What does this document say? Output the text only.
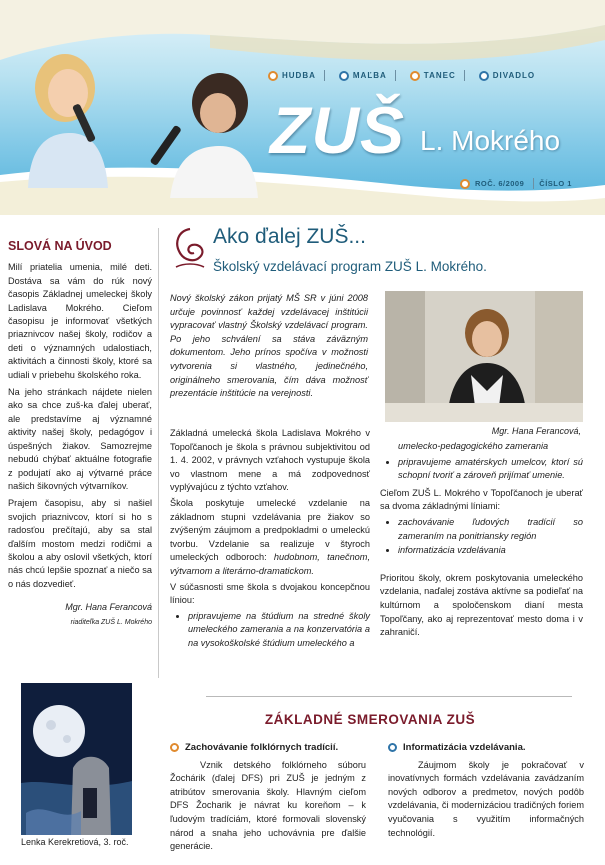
HUDBA	MAĽBA	TANEC	DIVADLO
ZUŠ L. Mokrého
ROČ. 6/2009 ČÍSLO 1
SLOVÁ NA ÚVOD

Milí priatelia umenia, milé deti. Dostáva sa vám do rúk nový časopis Základnej umeleckej školy Ladislava Mokrého. Cieľom časopisu je informovať všetkých priaznivcov našej školy, rodičov a deti o významných udalostiach, aktivitách a činnosti školy, ktoré sa udiali v priebehu školského roka.

Na jeho stránkach nájdete nielen ako sa chce zuš-ka ďalej uberať, ale predstavíme aj významné aktivity našej školy, pedagógov i úspešných žiakov. Samozrejme nebudú chýbať aktuálne fotografie z podujatí ako aj výtvarné práce našich šikovných výtvarníkov.

Prajem časopisu, aby si našiel svojich priaznivcov, ktorí si ho s radosťou prečítajú, aby sa stal ďalším mostom medzi rodičmi a školou a aby oslovil všetkých, ktorí nás chcú lepšie spoznať a niečo sa o nás dozvedieť.

Mgr. Hana Ferancová
riaditeľka ZUŠ L. Mokrého
Lenka Kerekretiová, 3. roč.
Ako ďalej ZUŠ...
Školský vzdelávací program ZUŠ L. Mokrého.
Nový školský zákon prijatý MŠ SR v júni 2008 určuje povinnosť každej vzdelávacej inštitúcii vypracovať vlastný Školský vzdelávací program. Po jeho schválení sa stáva záväzným dokumentom. Jeho prínos spočíva v možnosti vytvorenia si vlastného, jedinečného, originálneho smerovania, čím dáva možnosť prezentácie inštitúcie na verejnosti.
Mgr. Hana Ferancová,

Základná umelecká škola Ladislava Mokrého v Topoľčanoch je škola s právnou subjektivitou od 1. 4. 2002, v právnych vzťahoch vystupuje škola vo vlastnom mene a má zodpovednosť vyplývajúcu z týchto vzťahov.

Škola poskytuje umelecké vzdelanie na základnom stupni vzdelávania pre žiakov so zvýšeným záujmom a predpokladmi o umeleckú tvorbu. Vzdelanie sa realizuje v štyroch umeleckých odboroch: hudobnom, tanečnom, výtvarnom a literárno-dramatickom.

V súčasnosti sme škola s dvojakou koncepčnou líniou:

• pripravujeme na štúdium na stredné školy umeleckého zamerania a na konzervatória a na vysokoškolské štúdium umeleckého a

umelecko-pedagogického zamerania

• pripravujeme amatérskych umelcov, ktorí sú schopní tvoriť a zároveň prijímať umenie.

Cieľom ZUŠ L. Mokrého v Topoľčanoch je uberať sa dvoma základnými líniami:

• zachovávanie ľudových tradícií so zameraním na ponitriansky región
• informatizácia vzdelávania

Prioritou školy, okrem poskytovania umeleckého vzdelania, naďalej zostáva aktívne sa podieľať na kultúrnom a spoločenskom dianí mesta Topoľčany, ako aj reprezentovať mesto doma i v zahraničí.

ZÁKLADNÉ SMEROVANIA ZUŠ
Zachovávanie folklórnych tradícií.

Vznik detského folklórneho súboru Žochárik (ďalej DFS) pri ZUŠ je jedným z atribútov smerovania školy. Hlavným cieľom DFS Žocharik je návrat ku koreňom – k ľudovým tradíciám, ktoré formovali slovenský národ a snaha jeho uchovávnia pre ďalšie generácie.

Informatizácia vzdelávania.

Záujmom školy je pokračovať v inovatívnych formách vzdelávania zavádzaním nových odborov a predmetov, nových podôb vzdelávania, či modernizáciou tradičných foriem vyučovania s využitím informačných technológií.
